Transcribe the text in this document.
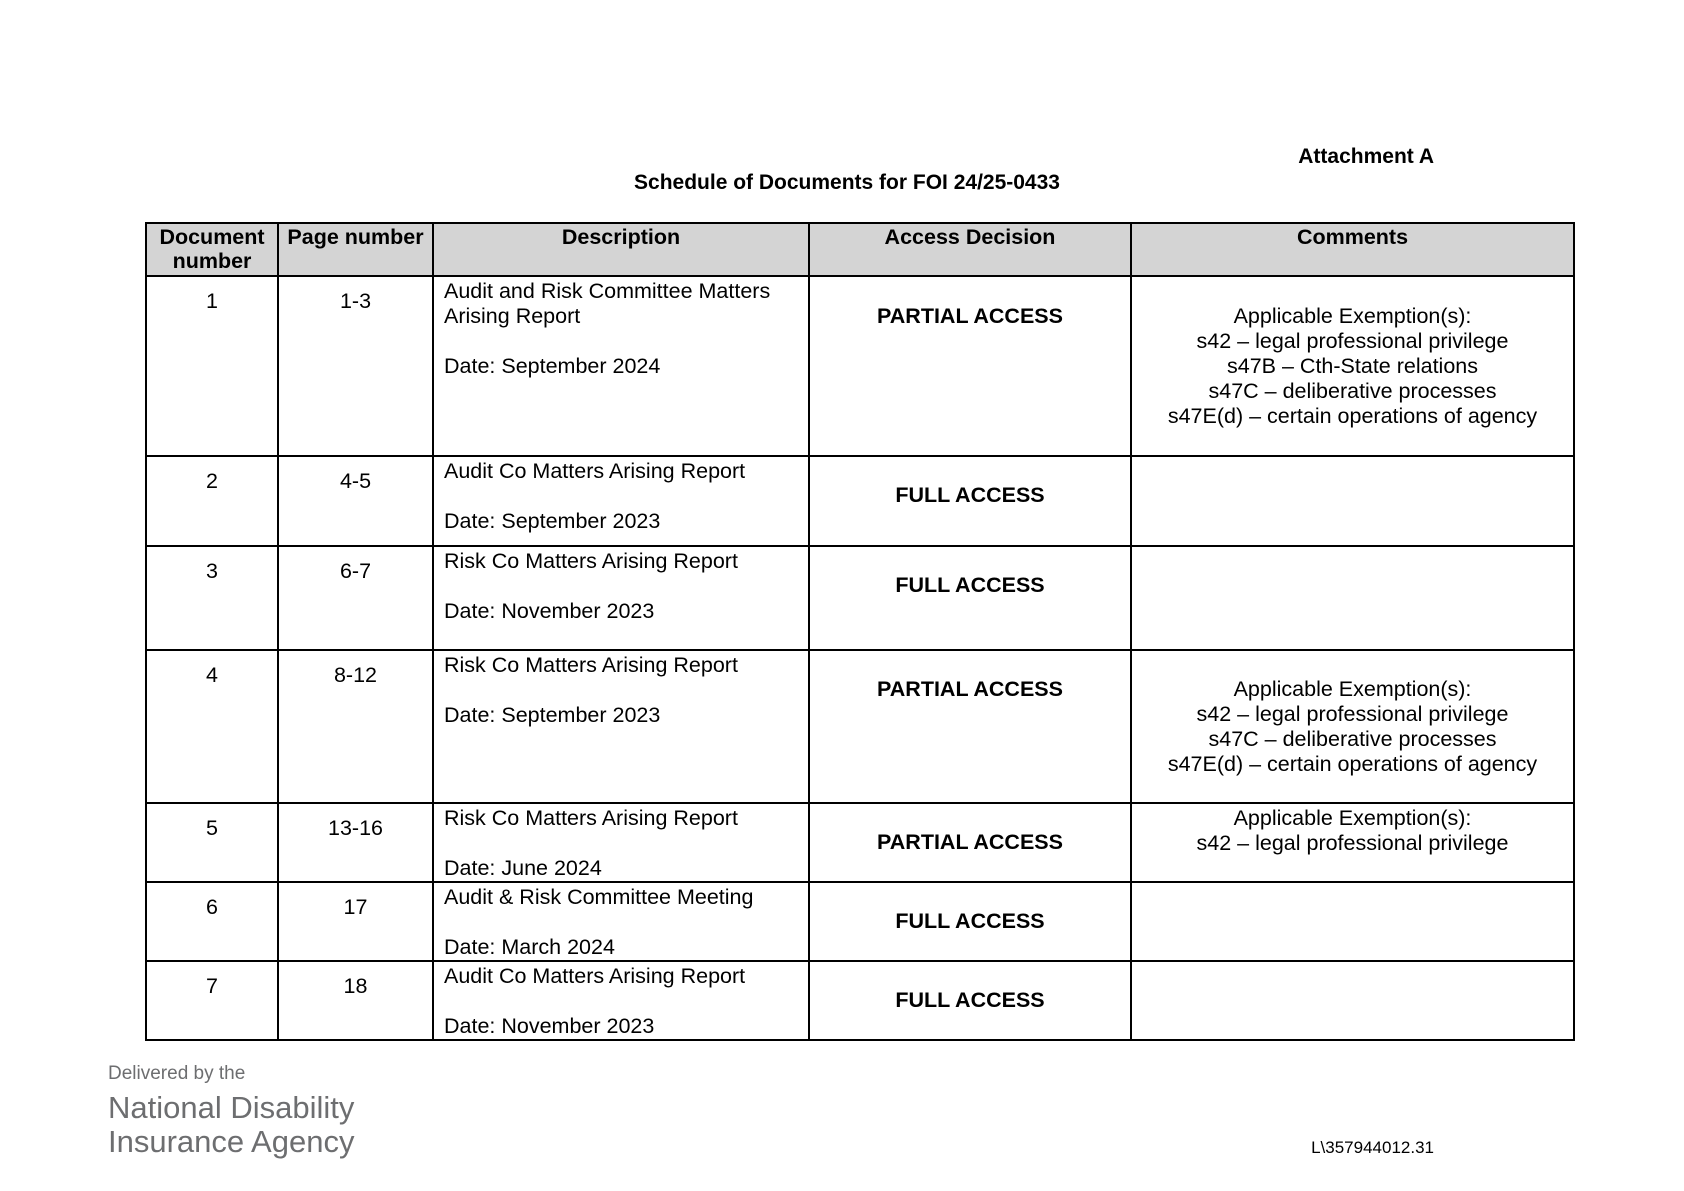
Attachment A
Schedule of Documents for FOI 24/25-0433
Document number	Page number	Description	Access Decision	Comments
1	1-3	Audit and Risk Committee Matters
Arising Report
Date: September 2024	PARTIAL ACCESS	Applicable Exemption(s):
s42 – legal professional privilege
s47B – Cth-State relations
s47C – deliberative processes
s47E(d) – certain operations of agency

2	4-5	Audit Co Matters Arising Report
Date: September 2023	FULL ACCESS	
3	6-7	Risk Co Matters Arising Report
Date: November 2023	FULL ACCESS	
4	8-12	Risk Co Matters Arising Report
Date: September 2023	PARTIAL ACCESS	Applicable Exemption(s):
s42 – legal professional privilege
s47C – deliberative processes
s47E(d) – certain operations of agency

5	13-16	Risk Co Matters Arising Report
Date: June 2024	PARTIAL ACCESS	Applicable Exemption(s):
s42 – legal professional privilege

6	17	Audit & Risk Committee Meeting
Date: March 2024	FULL ACCESS	
7	18	Audit Co Matters Arising Report
Date: November 2023	FULL ACCESS	
Delivered by the
National Disability
Insurance Agency	L\357944012.31
